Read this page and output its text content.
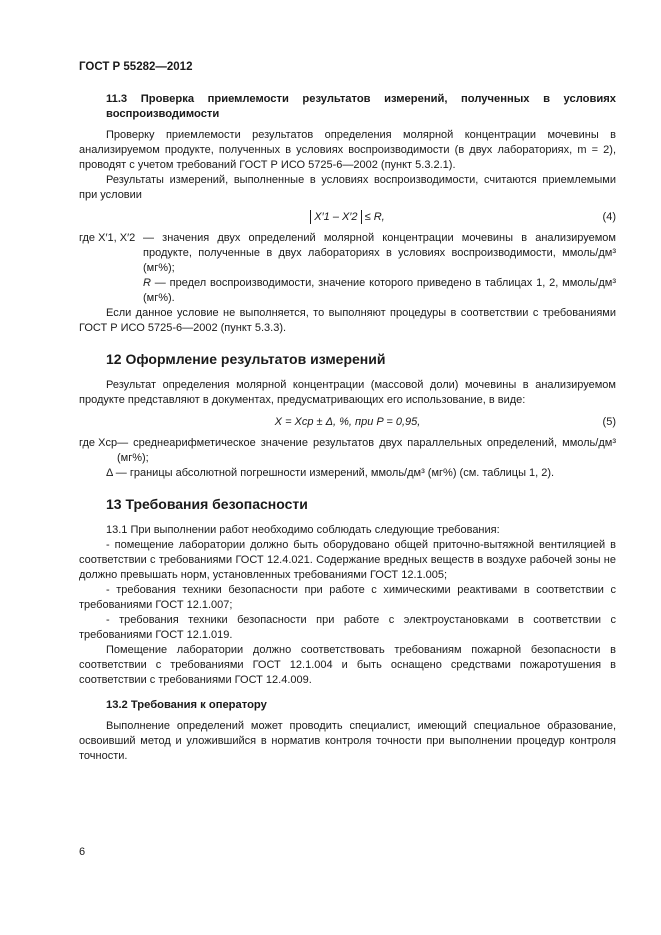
ГОСТ Р 55282—2012

11.3 Проверка приемлемости результатов измерений, полученных в условиях воспроизводимости

Проверку приемлемости результатов определения молярной концентрации мочевины в анализируемом продукте, полученных в условиях воспроизводимости (в двух лабораториях, m = 2), проводят с учетом требований ГОСТ Р ИСО 5725-6—2002 (пункт 5.3.2.1).

Результаты измерений, выполненные в условиях воспроизводимости, считаются приемлемыми при условии

X′1 – X′2 ≤ R,	(4)
где X′1, X′2 — значения двух определений молярной концентрации мочевины в анализируемом продукте, полученные в двух лабораториях в условиях воспроизводимости, ммоль/дм³ (мг%);
R — предел воспроизводимости, значение которого приведено в таблицах 1, 2, ммоль/дм³ (мг%).

Если данное условие не выполняется, то выполняют процедуры в соответствии с требованиями ГОСТ Р ИСО 5725-6—2002 (пункт 5.3.3).

12 Оформление результатов измерений

Результат определения молярной концентрации (массовой доли) мочевины в анализируемом продукте представляют в документах, предусматривающих его использование, в виде:

X = Xср ± Δ, %, при P = 0,95,	(5)
где Xср — среднеарифметическое значение результатов двух параллельных определений, ммоль/дм³ (мг%);
Δ — границы абсолютной погрешности измерений, ммоль/дм³ (мг%) (см. таблицы 1, 2).

13 Требования безопасности

13.1 При выполнении работ необходимо соблюдать следующие требования:

- помещение лаборатории должно быть оборудовано общей приточно-вытяжной вентиляцией в соответствии с требованиями ГОСТ 12.4.021. Содержание вредных веществ в воздухе рабочей зоны не должно превышать норм, установленных требованиями ГОСТ 12.1.005;

- требования техники безопасности при работе с химическими реактивами в соответствии с требованиями ГОСТ 12.1.007;

- требования техники безопасности при работе с электроустановками в соответствии с требованиями ГОСТ 12.1.019.

Помещение лаборатории должно соответствовать требованиям пожарной безопасности в соответствии с требованиями ГОСТ 12.1.004 и быть оснащено средствами пожаротушения в соответствии с требованиями ГОСТ 12.4.009.

13.2 Требования к оператору

Выполнение определений может проводить специалист, имеющий специальное образование, освоивший метод и уложившийся в норматив контроля точности при выполнении процедур контроля точности.

6
